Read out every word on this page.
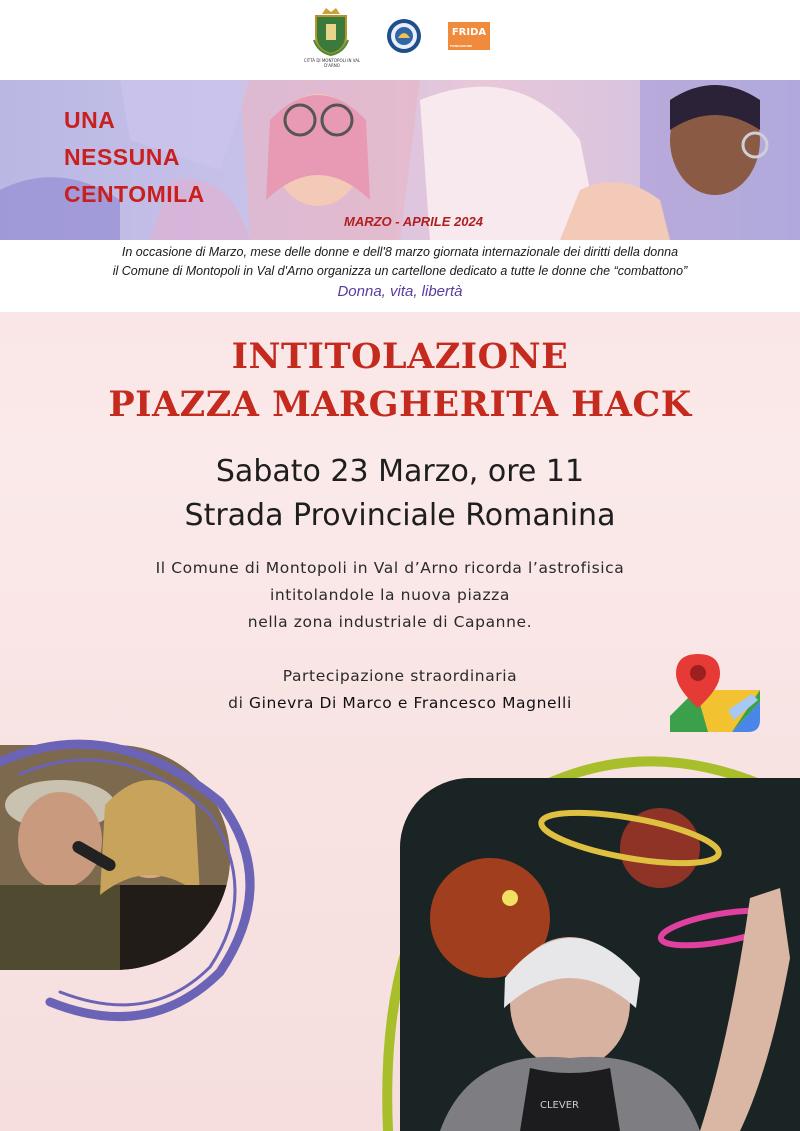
CITTÀ DI MONTOPOLI IN VAL D'ARNO
FRIDA
FONDAZIONE
UNA
NESSUNA
CENTOMILA
MARZO - APRILE 2024
In occasione di Marzo, mese delle donne e dell'8 marzo giornata internazionale dei diritti della donna
il Comune di Montopoli in Val d'Arno organizza un cartellone dedicato a tutte le donne che “combattono”
Donna, vita, libertà
INTITOLAZIONE
PIAZZA MARGHERITA HACK
Sabato 23 Marzo, ore 11
Strada Provinciale Romanina
Il Comune di Montopoli in Val d’Arno ricorda l’astrofisica
intitolandole la nuova piazza
nella zona industriale di Capanne.
Partecipazione straordinaria
di Ginevra Di Marco e Francesco Magnelli
CLEVER
